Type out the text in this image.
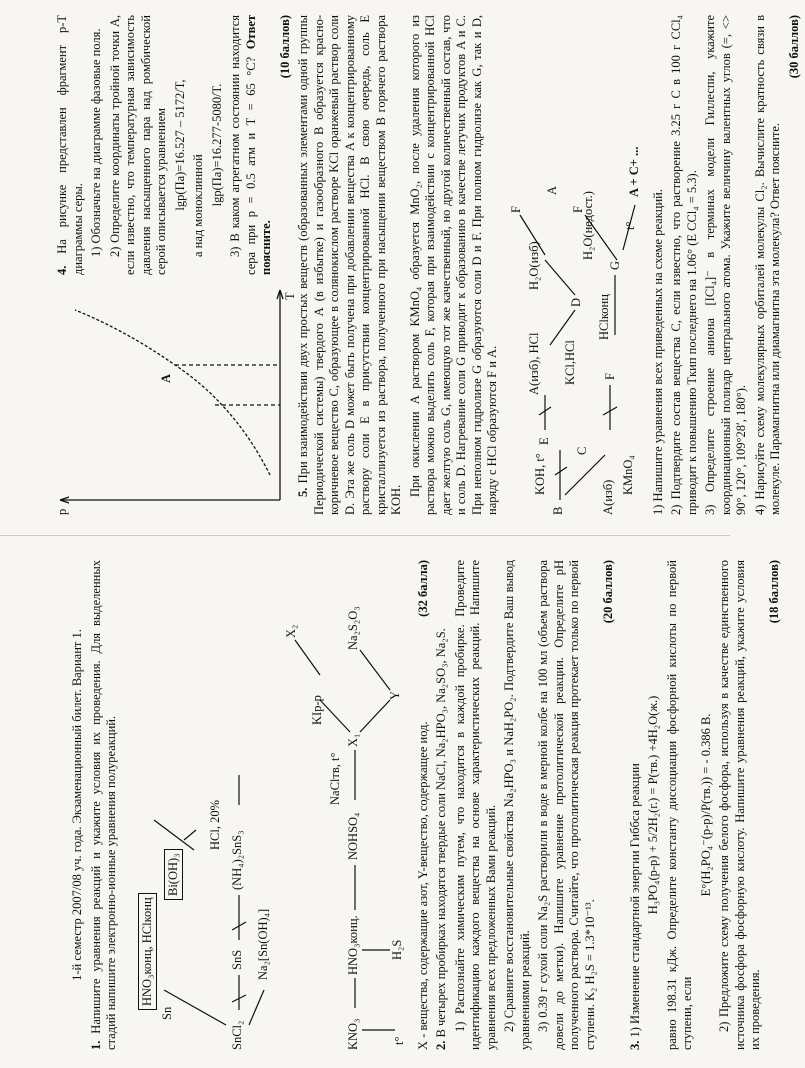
1-й семестр 2007/08 уч. года. Экзаменационный билет. Вариант 1.

1. Напишите уравнения реакций и укажите условия их проведения. Для выделенных стадий напишите электронно-ионные уравнения полуреакций.	SnCl₂
SnS
(NH₄)₂SnS₃
HCl, 20%
HNO₃конц, HClконц
Sn
Bi(OH)₃
Na₂[Sn(OH)₄]
KNO₃
HNO₃конц.
NOHSO₄
NaClтв, t°
X₁
KIр-р
X₂
Y
Na₂S₂O₃
H₂S
t° X - вещества, содержащие азот, Y-вещество, содержащее иод.
(32 балла)

2. В четырех пробирках находятся твердые соли NaCl, Na₂HPO₃, Na₂SO₃, Na₂S. 1) Распознайте химическим путем, что находится в каждой пробирке. Проведите идентификацию каждого вещества на основе характеристических реакций. Напишите уравнения всех предложенных Вами реакций. 2) Сравните восстановительные свойства Na₂HPO₃ и NaH₂PO₂. Подтвердите Ваш вывод уравнениями реакций. 3) 0.39 г сухой соли Na₂S растворили в воде в мерной колбе на 100 мл (объем раствора довели до метки). Напишите уравнение протолитической реакции. Определите pH полученного раствора. Считайте, что протолитическая реакция протекает только по первой ступени. K₂ H₂S = 1.3*10⁻¹³.

(20 баллов)

3. 1) Изменение стандартной энергии Гиббса реакции H₃PO₄(р-р) + 5/2H₂(г.) = P(тв.) +4H₂O(ж.) равно 198.31 кДж. Определите константу диссоциации фосфорной кислоты по первой ступени, если

E°(H₂PO₄⁻(р-р)/P(тв.)) = - 0.386 В. 2) Предложите схему получения белого фосфора, используя в качестве единственного источника фосфора фосфорную кислоту. Напишите уравнения реакций, укажите условия их проведения.

(18 баллов)

p
T
A

4. На рисунке представлен фрагмент p-T диаграммы серы. 1) Обозначьте на диаграмме фазовые поля. 2) Определите координаты тройной точки A, если известно, что температурная зависимость давления насыщенного пара над ромбической серой описывается уравнением lgp(Па)=16.527 – 5172/T, а над моноклинной lgp(Па)=16.277-5080/T. 3) В каком агрегатном состоянии находится сера при p = 0.5 атм и T = 65 °C? Ответ поясните.

(10 баллов)

5. При взаимодействии двух простых веществ (образованных элементами одной группы Периодической системы) твердого A (в избытке) и газообразного B образуется красно-коричневое вещество C, образующее в солянокислом растворе KCl оранжевый раствор соли D. Эта же соль D может быть получена при добавлении вещества A к концентрированному раствору соли E в присутствии концентрированной HCl. В свою очередь, соль E кристаллизуется из раствора, полученного при насыщении веществом B горячего раствора KOH.

При окислении A раствором KMnO₄ образуется MnO₂, после удаления которого из раствора можно выделить соль F, которая при взаимодействии с концентрированной HCl дает желтую соль G, имеющую тот же качественный, но другой количественный состав, что и соль D. Нагревание соли G приводит к образованию в качестве летучих продуктов A и C. При неполном гидролизе G образуются соли D и F. При полном гидролизе как G, так и D, наряду с HCl образуются F и A.	B
KOH, t°
E
A(изб), HCl KCl,HCl
C
D
H₂O(изб)
F
A
A(изб)
KMnO₄
F
HClконц
G
H₂O(недост.)
F
t°
A + C+ ...

1) Напишите уравнения всех приведенных на схеме реакций. 2) Подтвердите состав вещества C, если известно, что растворение 3.25 г C в 100 г CCl₄ приводит к повышению Tкип последнего на 1.06° (E CCl₄ = 5.3). 3) Определите строение аниона [ICl₄]⁻ в терминах модели Гиллеспи, укажите координационный полиэдр центрального атома. Укажите величину валентных углов (=, <> 90°, 120°, 109°28′, 180°). 4) Нарисуйте схему молекулярных орбиталей молекулы Cl₂. Вычислите кратность связи в молекуле. Парамагнитна или диамагнитна эта молекула? Ответ поясните.

(30 баллов)
